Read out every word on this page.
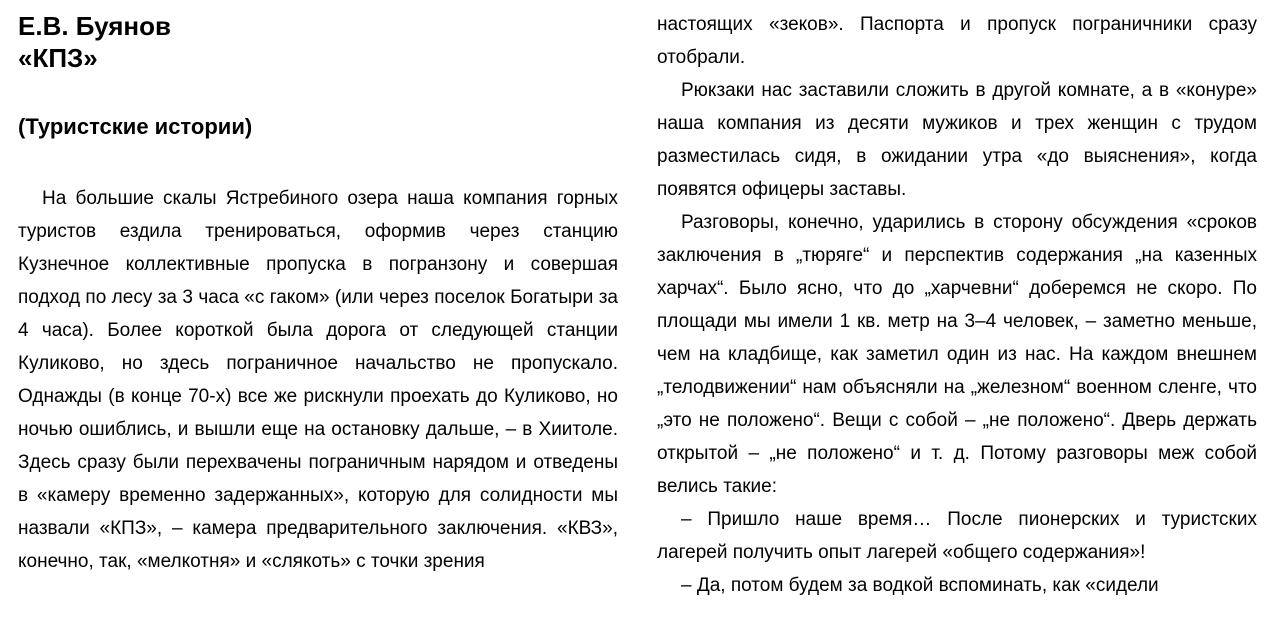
Е.В. Буянов

«КПЗ»

(Туристские истории)

На большие скалы Ястребиного озера наша компания горных туристов ездила тренироваться, оформив через станцию Кузнечное коллективные пропуска в погранзону и совершая подход по лесу за 3 часа «с гаком» (или через поселок Богатыри за 4 часа). Более короткой была дорога от следующей станции Куликово, но здесь пограничное начальство не пропускало. Однажды (в конце 70-х) все же рискнули проехать до Куликово, но ночью ошиблись, и вышли еще на остановку дальше, – в Хиитоле. Здесь сразу были перехвачены пограничным нарядом и отведены в «камеру временно задержанных», которую для солидности мы назвали «КПЗ», – камера предварительного заключения. «КВЗ», конечно, так, «мелкотня» и «слякоть» с точки зрения

настоящих «зеков». Паспорта и пропуск пограничники сразу отобрали.

Рюкзаки нас заставили сложить в другой комнате, а в «конуре» наша компания из десяти мужиков и трех женщин с трудом разместилась сидя, в ожидании утра «до выяснения», когда появятся офицеры заставы.

Разговоры, конечно, ударились в сторону обсуждения «сроков заключения в „тюряге“ и перспектив содержания „на казенных харчах“. Было ясно, что до „харчевни“ доберемся не скоро. По площади мы имели 1 кв. метр на 3–4 человек, – заметно меньше, чем на кладбище, как заметил один из нас. На каждом внешнем „телодвижении“ нам объясняли на „железном“ военном сленге, что „это не положено“. Вещи с собой – „не положено“. Дверь держать открытой – „не положено“ и т. д. Потому разговоры меж собой велись такие:

– Пришло наше время… После пионерских и туристских лагерей получить опыт лагерей «общего содержания»!

– Да, потом будем за водкой вспоминать, как «сидели
